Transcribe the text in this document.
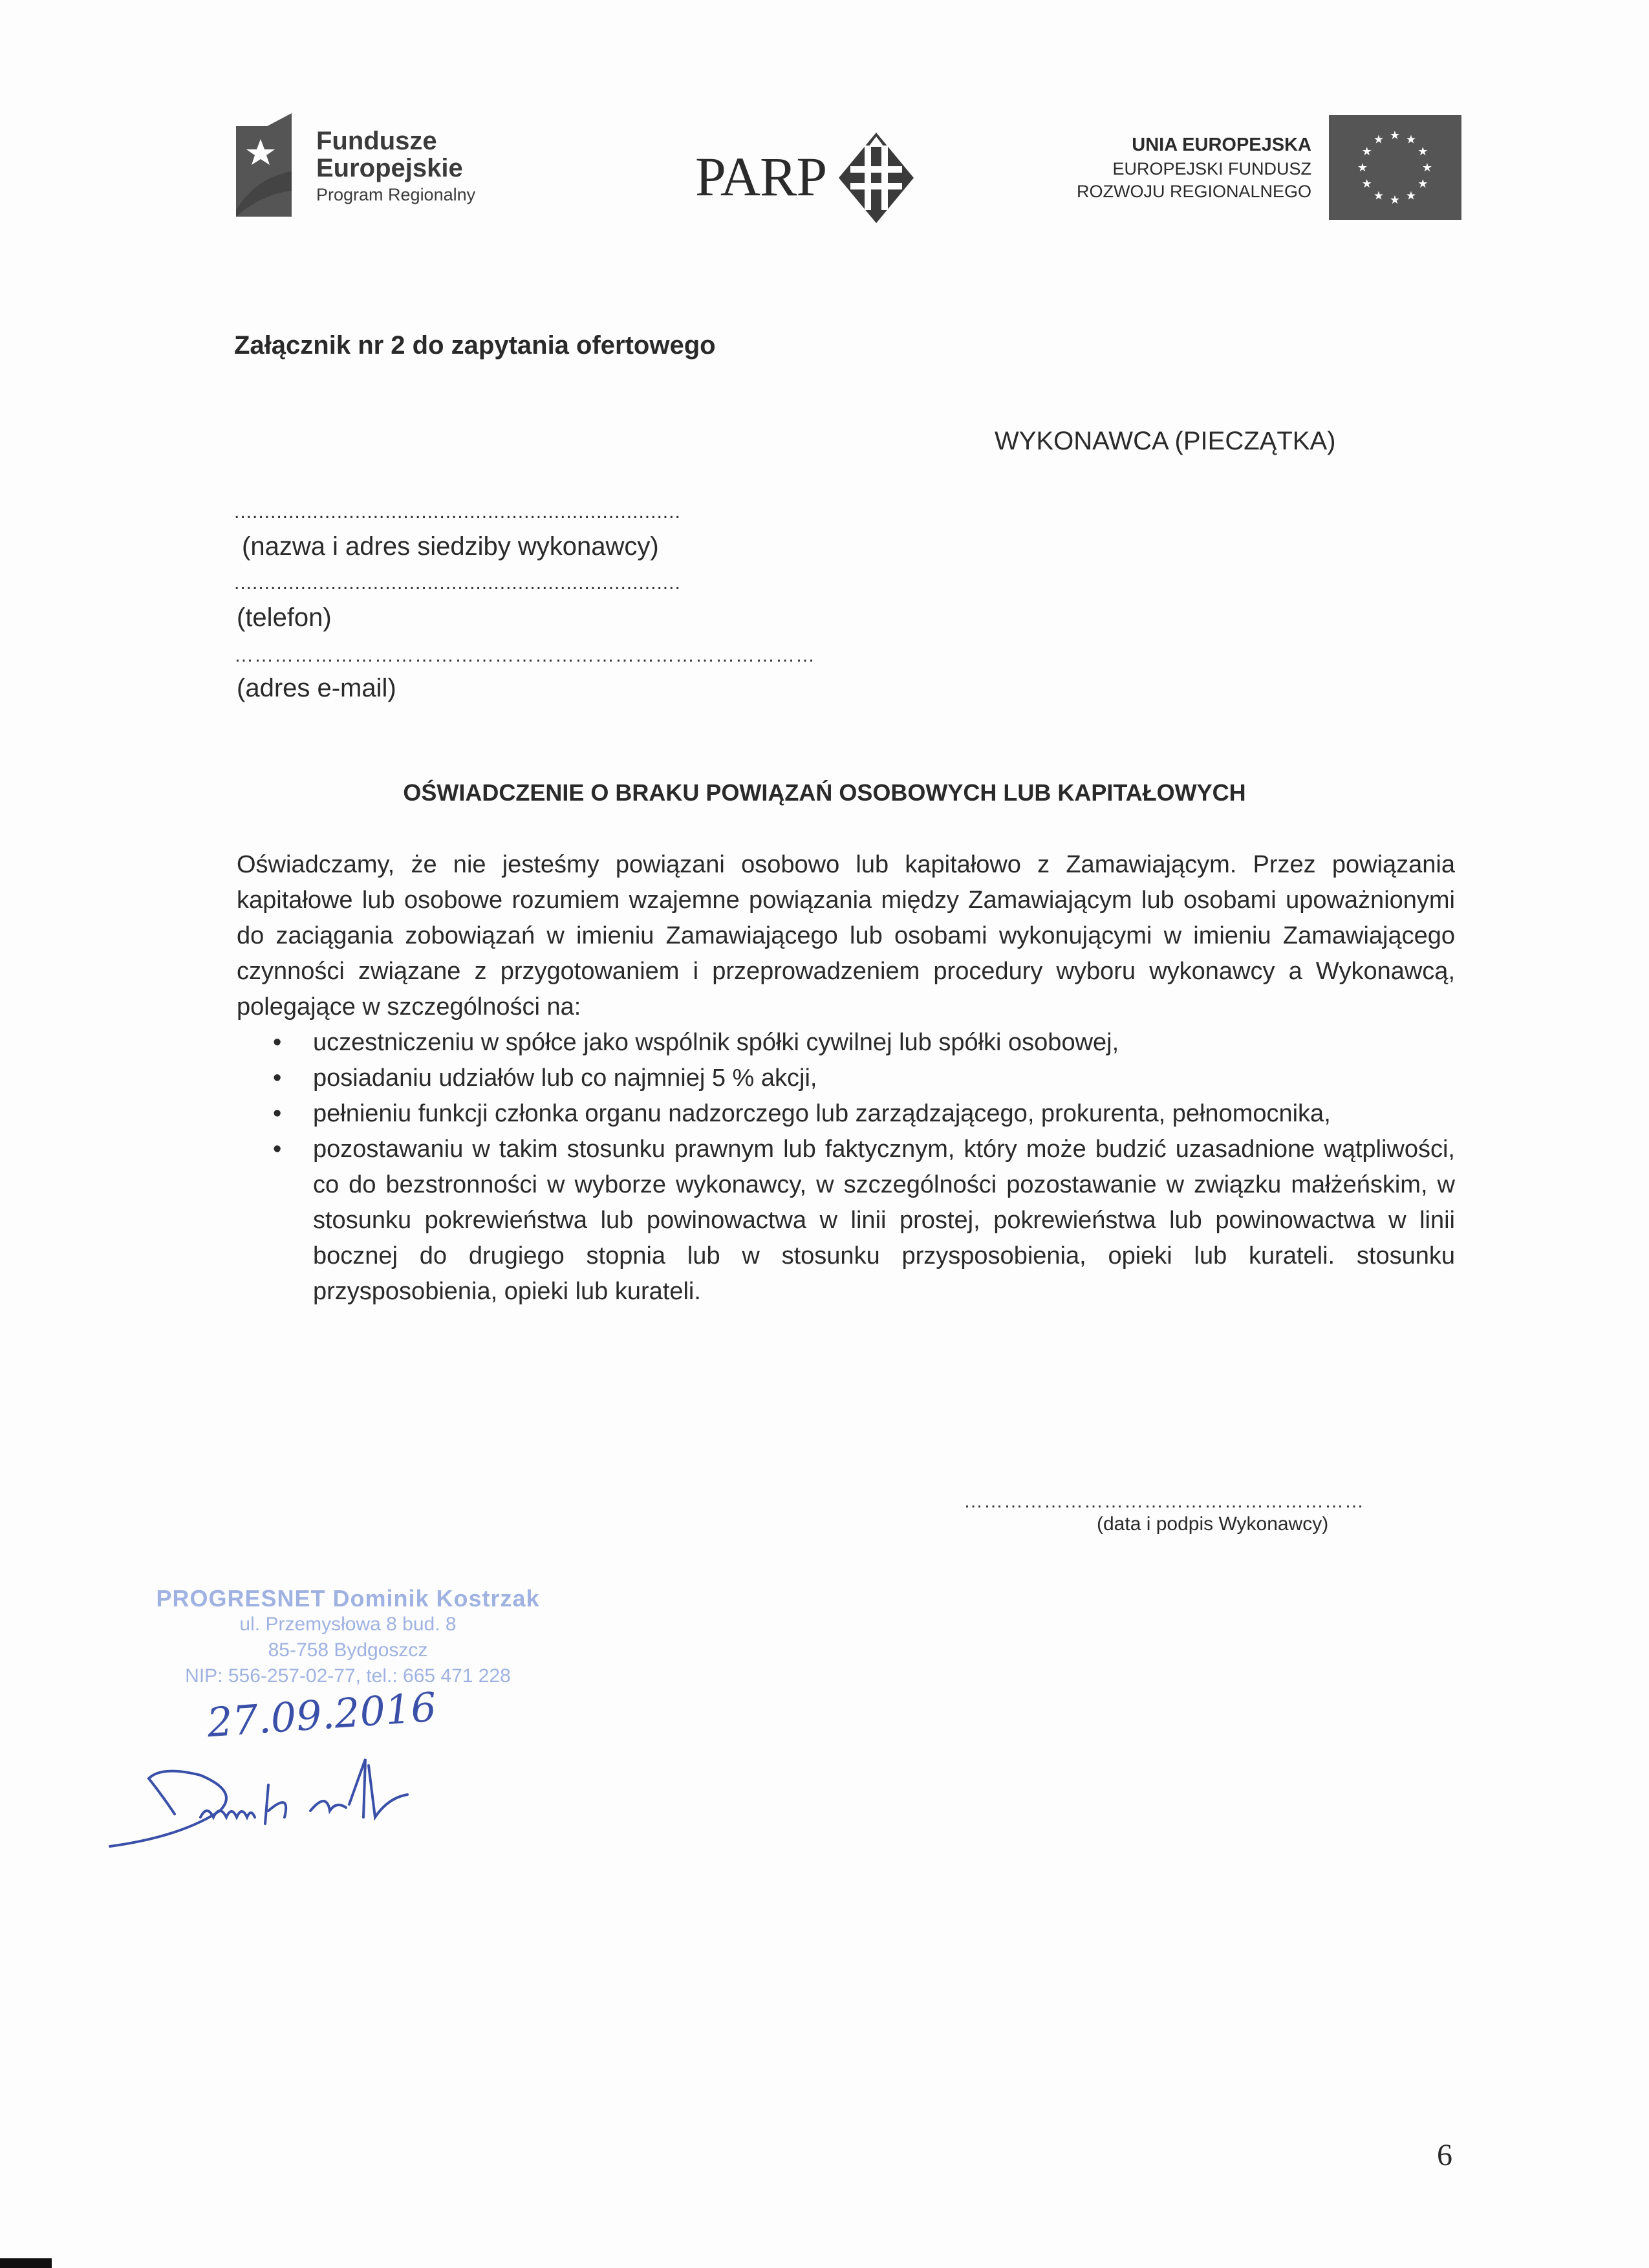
Fundusze
Europejskie
Program Regionalny	PARP
UNIA EUROPEJSKA
EUROPEJSKI FUNDUSZ
ROZWOJU REGIONALNEGO
★ ★
★
★
★
★
★
★
★
★
★
★
Załącznik nr 2 do zapytania ofertowego
WYKONAWCA (PIECZĄTKA)
..........................................................................
(nazwa i adres siedziby wykonawcy)
..........................................................................
(telefon)
……………………………………………………………………………
(adres e-mail)
OŚWIADCZENIE O BRAKU POWIĄZAŃ OSOBOWYCH LUB KAPITAŁOWYCH
Oświadczamy, że nie jesteśmy powiązani osobowo lub kapitałowo z Zamawiającym. Przez powiązania kapitałowe lub osobowe rozumiem wzajemne powiązania między Zamawiającym lub osobami upoważnionymi do zaciągania zobowiązań w imieniu Zamawiającego lub osobami wykonującymi w imieniu Zamawiającego czynności związane z przygotowaniem i przeprowadzeniem procedury wyboru wykonawcy a Wykonawcą, polegające w szczególności na:
• uczestniczeniu w spółce jako wspólnik spółki cywilnej lub spółki osobowej,
• posiadaniu udziałów lub co najmniej 5 % akcji,
• pełnieniu funkcji członka organu nadzorczego lub zarządzającego, prokurenta, pełnomocnika,
• pozostawaniu w takim stosunku prawnym lub faktycznym, który może budzić uzasadnione wątpliwości, co do bezstronności w wyborze wykonawcy, w szczególności pozostawanie w związku małżeńskim, w stosunku pokrewieństwa lub powinowactwa w linii prostej, pokrewieństwa lub powinowactwa w linii bocznej do drugiego stopnia lub w stosunku przysposobienia, opieki lub kurateli. stosunku przysposobienia, opieki lub kurateli.
……………………………………………………
(data i podpis Wykonawcy)
PROGRESNET Dominik Kostrzak
ul. Przemysłowa 8 bud. 8
85-758 Bydgoszcz
NIP: 556-257-02-77, tel.: 665 471 228
27.09.2016
6
